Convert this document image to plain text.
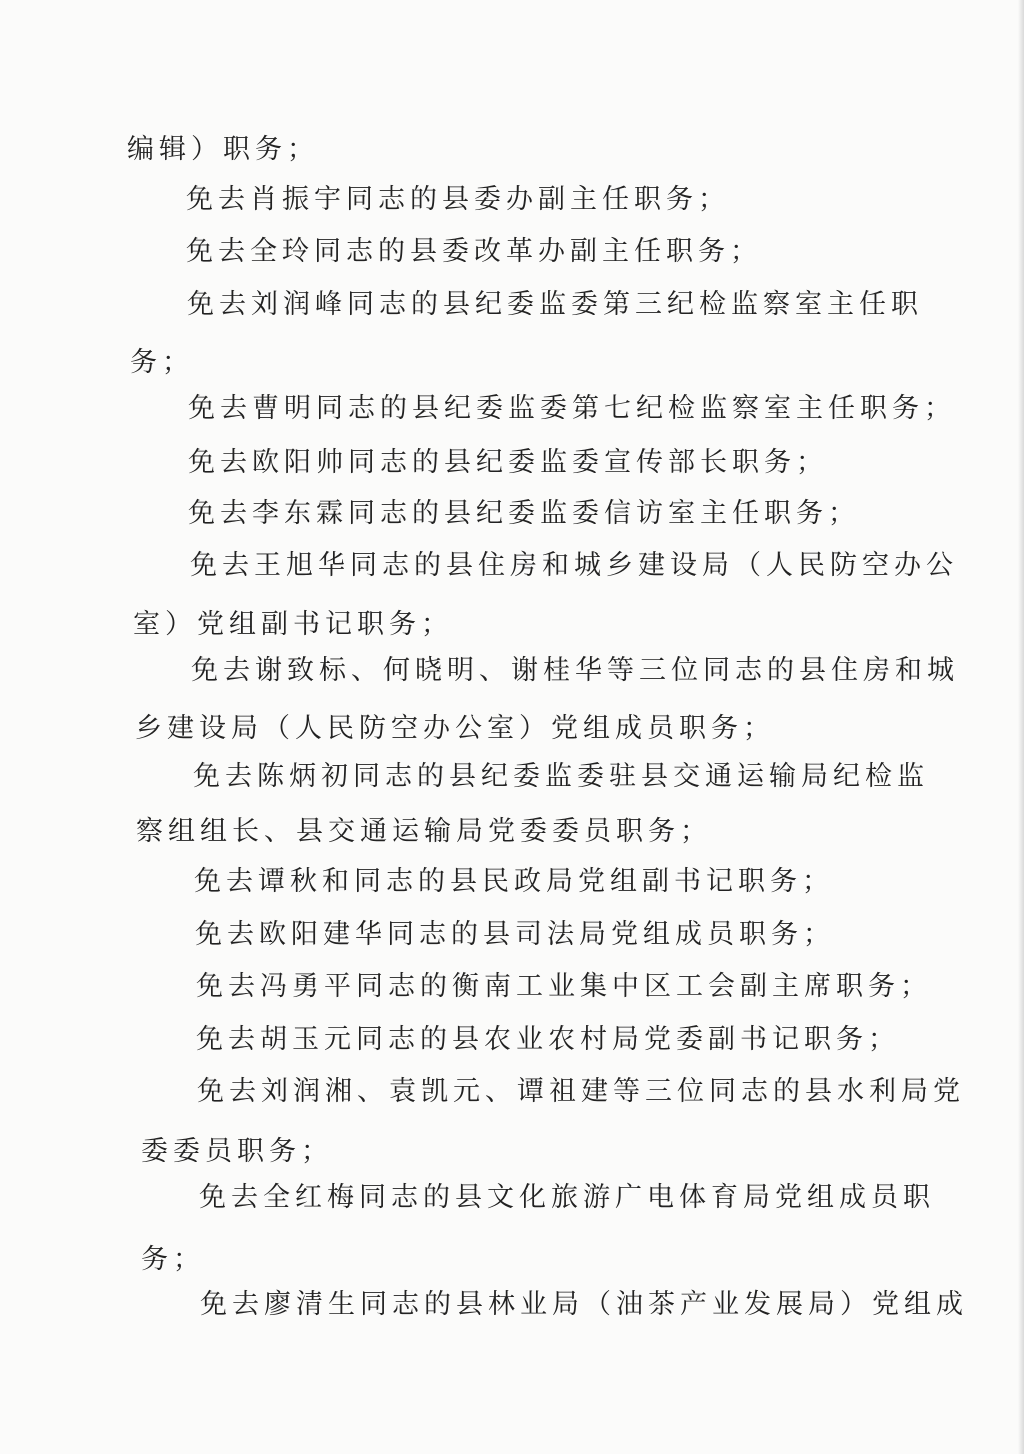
编辑）职务；
免去肖振宇同志的县委办副主任职务；
免去全玲同志的县委改革办副主任职务；
免去刘润峰同志的县纪委监委第三纪检监察室主任职
务；
免去曹明同志的县纪委监委第七纪检监察室主任职务；
免去欧阳帅同志的县纪委监委宣传部长职务；
免去李东霖同志的县纪委监委信访室主任职务；
免去王旭华同志的县住房和城乡建设局（人民防空办公
室）党组副书记职务；
免去谢致标、何晓明、谢桂华等三位同志的县住房和城
乡建设局（人民防空办公室）党组成员职务；
免去陈炳初同志的县纪委监委驻县交通运输局纪检监
察组组长、县交通运输局党委委员职务；
免去谭秋和同志的县民政局党组副书记职务；
免去欧阳建华同志的县司法局党组成员职务；
免去冯勇平同志的衡南工业集中区工会副主席职务；
免去胡玉元同志的县农业农村局党委副书记职务；
免去刘润湘、袁凯元、谭祖建等三位同志的县水利局党
委委员职务；
免去全红梅同志的县文化旅游广电体育局党组成员职
务；
免去廖清生同志的县林业局（油茶产业发展局）党组成
